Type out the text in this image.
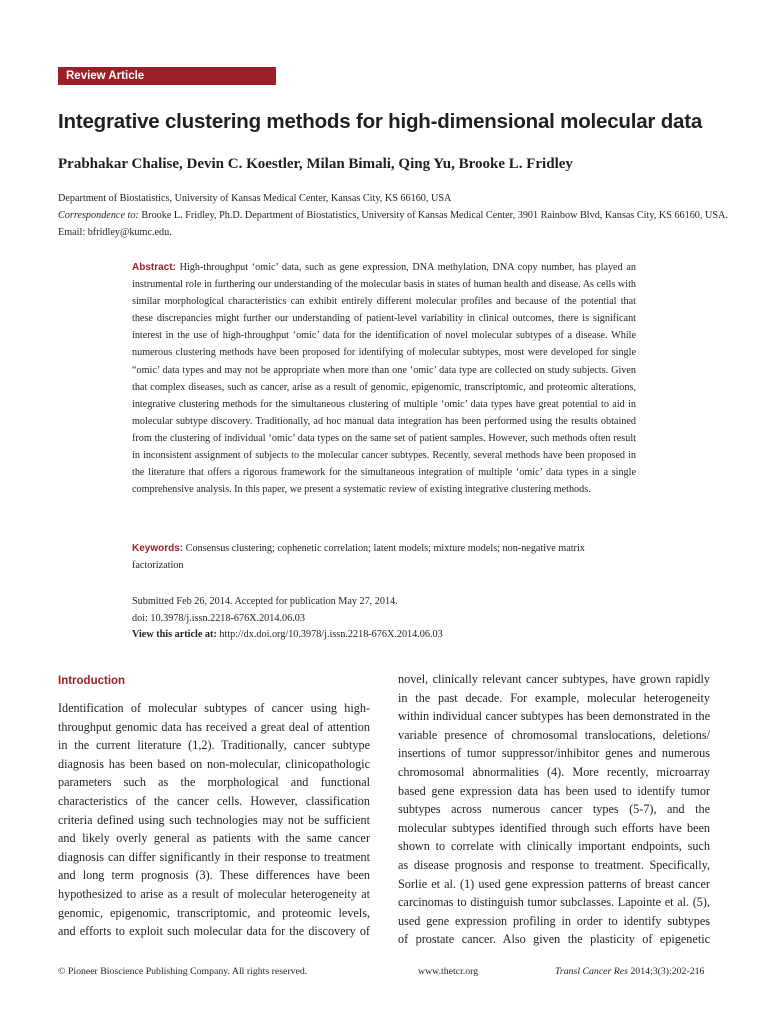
Review Article
Integrative clustering methods for high-dimensional molecular data
Prabhakar Chalise, Devin C. Koestler, Milan Bimali, Qing Yu, Brooke L. Fridley
Department of Biostatistics, University of Kansas Medical Center, Kansas City, KS 66160, USA
Correspondence to: Brooke L. Fridley, Ph.D. Department of Biostatistics, University of Kansas Medical Center, 3901 Rainbow Blvd, Kansas City, KS 66160, USA. Email: bfridley@kumc.edu.
Abstract: High-throughput ‘omic’ data, such as gene expression, DNA methylation, DNA copy number, has played an instrumental role in furthering our understanding of the molecular basis in states of human health and disease. As cells with similar morphological characteristics can exhibit entirely different molecular profiles and because of the potential that these discrepancies might further our understanding of patient-level variability in clinical outcomes, there is significant interest in the use of high-throughput ‘omic’ data for the identification of novel molecular subtypes of a disease. While numerous clustering methods have been proposed for identifying of molecular subtypes, most were developed for single “omic’ data types and may not be appropriate when more than one ‘omic’ data type are collected on study subjects. Given that complex diseases, such as cancer, arise as a result of genomic, epigenomic, transcriptomic, and proteomic alterations, integrative clustering methods for the simultaneous clustering of multiple ‘omic’ data types have great potential to aid in molecular subtype discovery. Traditionally, ad hoc manual data integration has been performed using the results obtained from the clustering of individual ‘omic’ data types on the same set of patient samples. However, such methods often result in inconsistent assignment of subjects to the molecular cancer subtypes. Recently, several methods have been proposed in the literature that offers a rigorous framework for the simultaneous integration of multiple ‘omic’ data types in a single comprehensive analysis. In this paper, we present a systematic review of existing integrative clustering methods.
Keywords: Consensus clustering; cophenetic correlation; latent models; mixture models; non-negative matrix factorization
Submitted Feb 26, 2014. Accepted for publication May 27, 2014.
doi: 10.3978/j.issn.2218-676X.2014.06.03
View this article at: http://dx.doi.org/10.3978/j.issn.2218-676X.2014.06.03
Introduction
Identification of molecular subtypes of cancer using high-
throughput genomic data has received a great deal of attention
in the current literature (1,2). Traditionally, cancer subtype
diagnosis has been based on non-molecular, clinicopathologic
parameters such as the morphological and functional
characteristics of the cancer cells. However, classification
criteria defined using such technologies may not be sufficient
and likely overly general as patients with the same cancer
diagnosis can differ significantly in their response to treatment
and long term prognosis (3). These differences have been
hypothesized to arise as a result of molecular heterogeneity at
genomic, epigenomic, transcriptomic, and proteomic levels,
and efforts to exploit such molecular data for the discovery of
novel, clinically relevant cancer subtypes, have grown rapidly
in the past decade. For example, molecular heterogeneity
within individual cancer subtypes has been demonstrated in the
variable presence of chromosomal translocations, deletions/
insertions of tumor suppressor/inhibitor genes and numerous
chromosomal abnormalities (4). More recently, microarray
based gene expression data has been used to identify tumor
subtypes across numerous cancer types (5-7), and the
molecular subtypes identified through such efforts have been
shown to correlate with clinically important endpoints, such
as disease prognosis and response to treatment. Specifically,
Sorlie et al. (1) used gene expression patterns of breast cancer
carcinomas to distinguish tumor subclasses. Lapointe et al. (5),
used gene expression profiling in order to identify subtypes
of prostate cancer. Also given the plasticity of epigenetic
© Pioneer Bioscience Publishing Company. All rights reserved.	www.thetcr.org	Transl Cancer Res 2014;3(3):202-216
